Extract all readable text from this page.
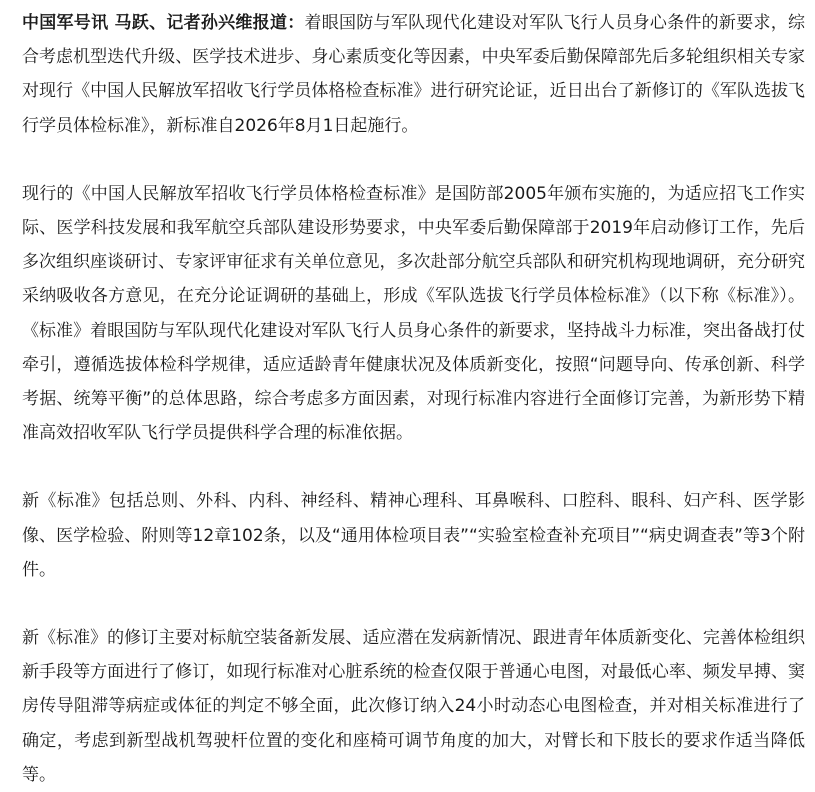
中国军号讯 马跃、记者孙兴维报道：着眼国防与军队现代化建设对军队飞行人员身心条件的新要求，综合考虑机型迭代升级、医学技术进步、身心素质变化等因素，中央军委后勤保障部先后多轮组织相关专家对现行《中国人民解放军招收飞行学员体格检查标准》进行研究论证，近日出台了新修订的《军队选拔飞行学员体检标准》，新标准自2026年8月1日起施行。

现行的《中国人民解放军招收飞行学员体格检查标准》是国防部2005年颁布实施的，为适应招飞工作实际、医学科技发展和我军航空兵部队建设形势要求，中央军委后勤保障部于2019年启动修订工作，先后多次组织座谈研讨、专家评审征求有关单位意见，多次赴部分航空兵部队和研究机构现地调研，充分研究采纳吸收各方意见，在充分论证调研的基础上，形成《军队选拔飞行学员体检标准》（以下称《标准》）。《标准》着眼国防与军队现代化建设对军队飞行人员身心条件的新要求，坚持战斗力标准，突出备战打仗牵引，遵循选拔体检科学规律，适应适龄青年健康状况及体质新变化，按照“问题导向、传承创新、科学考据、统筹平衡”的总体思路，综合考虑多方面因素，对现行标准内容进行全面修订完善，为新形势下精准高效招收军队飞行学员提供科学合理的标准依据。

新《标准》包括总则、外科、内科、神经科、精神心理科、耳鼻喉科、口腔科、眼科、妇产科、医学影像、医学检验、附则等12章102条，以及“通用体检项目表”“实验室检查补充项目”“病史调查表”等3个附件。

新《标准》的修订主要对标航空装备新发展、适应潜在发病新情况、跟进青年体质新变化、完善体检组织新手段等方面进行了修订，如现行标准对心脏系统的检查仅限于普通心电图，对最低心率、频发早搏、窦房传导阻滞等病症或体征的判定不够全面，此次修订纳入24小时动态心电图检查，并对相关标准进行了确定，考虑到新型战机驾驶杆位置的变化和座椅可调节角度的加大，对臂长和下肢长的要求作适当降低等。
